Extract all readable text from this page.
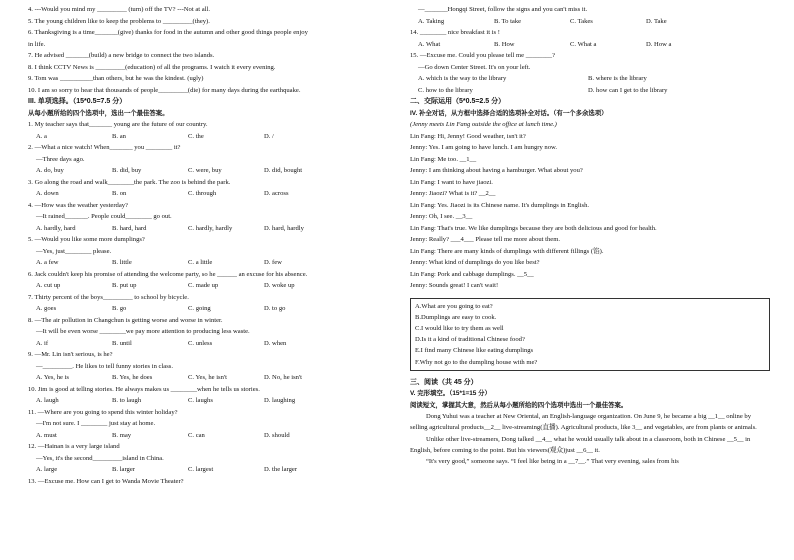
4. ---Would you mind my _________ (turn) off the TV? ---Not at all.
5. The young children like to keep the problems to _________(they).
6. Thanksgiving is a time_______(give) thanks for food in the autumn and other good things people enjoy
in life.
7. He advised _______(build) a new bridge to connect the two islands.
8. I think CCTV News is _________(education) of all the programs. I watch it every evening.
9. Tom was __________than others, but he was the kindest. (ugly)
10. I am so sorry to hear that thousands of people_________(die) for many days during the earthquake.
III. 单项选择。（15*0.5=7.5 分）
从每小题所给的四个选项中，选出一个最佳答案。
1. My teacher says that_______ young are the future of our country.
A. a	B. an	C. the	D. /
2. —What a nice watch! When_______ you ________ it?
—Three days ago.
A. do, buy	B. did, buy	C. were, buy	D. did, bought
3. Go along the road and walk________the park. The zoo is behind the park.
A. down	B. on	C. through	D. across
4. —How was the weather yesterday?
—It rained_______. People could________ go out.
A. hardly, hard	B. hard, hard	C. hardly, hardly	D. hard, hardly
5. —Would you like some more dumplings?
—Yes, just________ please.
A. a few	B. little	C. a little	D. few
6. Jack couldn't keep his promise of attending the welcome party, so he ______ an excuse for his absence.
A. cut up	B. put up	C. made up	D. woke up
7. Thirty percent of the boys_________ to school by bicycle.
A. goes	B. go	C. going	D. to go
8. —The air pollution in Changchun is getting worse and worse in winter.
—It will be even worse ________we pay more attention to producing less waste.
A. if	B. until	C. unless	D. when
9. —Mr. Lin isn't serious, is he?
—_________. He likes to tell funny stories in class.
A. Yes, he is	B. Yes, he does	C. Yes, he isn't	D. No, he isn't
10. Jim is good at telling stories. He always makes us ________when he tells us stories.
A. laugh	B. to laugh	C. laughs	D. laughing
11. —Where are you going to spend this winter holiday?
—I'm not sure. I ________ just stay at home.
A. must	B. may	C. can	D. should
12. —Hainan is a very large island
—Yes, it's the second_________island in China.
A. large	B. larger	C. largest	D. the larger
13. —Excuse me. How can I get to Wanda Movie Theater?
—_______Hongqi Street, follow the signs and you can't miss it.
A. Taking	B. To take	C. Takes	D. Take
14. ________ nice breakfast it is !
A. What	B. How	C. What a	D. How a
15. —Excuse me. Could you please tell me ________?
—Go down Center Street. It's on your left.
A. which is the way to the library	B. where is the library
C. how to the library	D. how can I get to the library
二、交际运用（5*0.5=2.5 分）
IV. 补全对话，从方框中选择合适的选项补全对话。（有一个多余选项）
(Jenny meets Lin Fang outside the office at lunch time.)
Lin Fang: Hi, Jenny! Good weather, isn't it?
Jenny: Yes. I am going to have lunch. I am hungry now.
Lin Fang: Me too. __1__
Jenny: I am thinking about having a hamburger. What about you?
Lin Fang: I want to have jiaozi.
Jenny: Jiaozi? What is it? __2__
Lin Fang: Yes. Jiaozi is its Chinese name. It's dumplings in English.
Jenny: Oh, I see. __3__
Lin Fang: That's true. We like dumplings because they are both delicious and good for health.
Jenny: Really? ___4___ Please tell me more about them.
Lin Fang: There are many kinds of dumplings with different fillings (馅).
Jenny: What kind of dumplings do you like best?
Lin Fang: Pork and cabbage dumplings. __5__
Jenny: Sounds great! I can't wait!
A.What are you going to eat?
B.Dumplings are easy to cook.
C.I would like to try them as well
D.Is it a kind of traditional Chinese food?
E.I find many Chinese like eating dumplings
F.Why not go to the dumpling house with me?
三、阅读（共 45 分）
V. 完形填空。（15*1=15 分）
阅读短文，掌握其大意，然后从每小题所给的四个选项中选出一个最佳答案。
Dong Yuhui was a teacher at New Oriental, an English-language organization. On June 9, he became a big __1__ online by selling agricultural products__2__ live-streaming(直播). Agricultural products, like 3__ and vegetables, are from plants or animals.
Unlike other live-streamers, Dong talked __4__ what he would usually talk about in a classroom, both in Chinese __5__ in English, before coming to the point. But his viewers(观众)just __6__ it.
“It's very good,” someone says. “I feel like being in a __7__.” That very evening, sales from his
